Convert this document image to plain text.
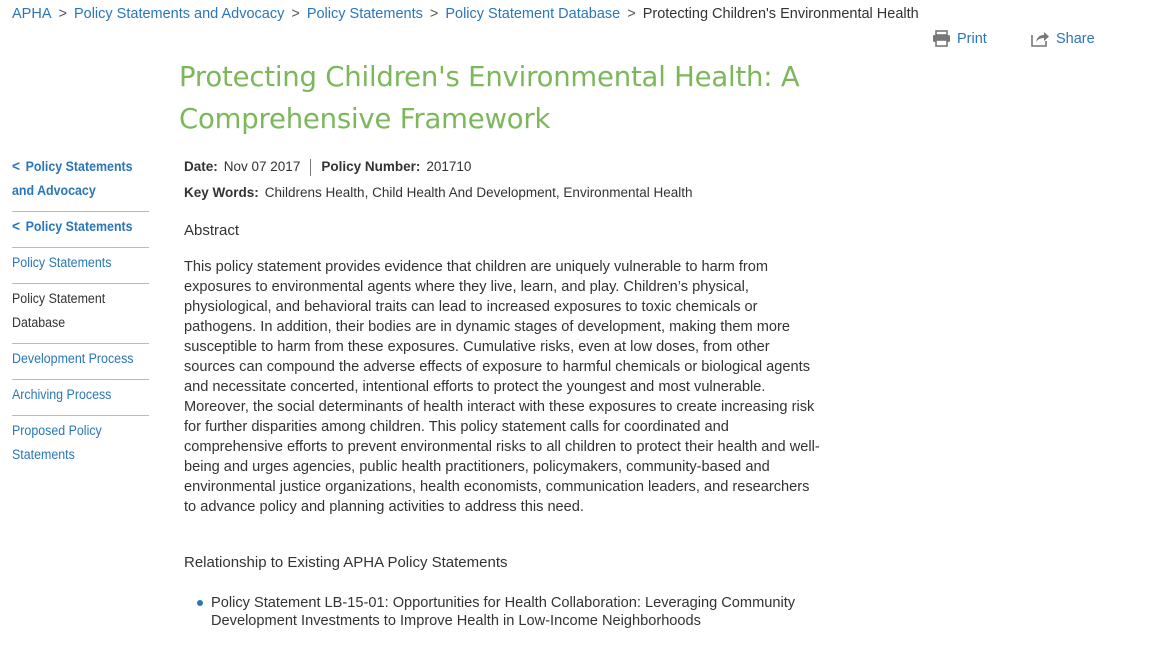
APHA > Policy Statements and Advocacy > Policy Statements > Policy Statement Database > Protecting Children's Environmental Health
Print	Share
Protecting Children's Environmental Health: A Comprehensive Framework
< Policy Statements and Advocacy
< Policy Statements
Policy Statements
Policy Statement Database
Development Process
Archiving Process
Proposed Policy Statements
Date: Nov 07 2017 Policy Number: 201710
Key Words: Childrens Health, Child Health And Development, Environmental Health
Abstract

This policy statement provides evidence that children are uniquely vulnerable to harm from exposures to environmental agents where they live, learn, and play. Children’s physical, physiological, and behavioral traits can lead to increased exposures to toxic chemicals or pathogens. In addition, their bodies are in dynamic stages of development, making them more susceptible to harm from these exposures. Cumulative risks, even at low doses, from other sources can compound the adverse effects of exposure to harmful chemicals or biological agents and necessitate concerted, intentional efforts to protect the youngest and most vulnerable. Moreover, the social determinants of health interact with these exposures to create increasing risk for further disparities among children. This policy statement calls for coordinated and comprehensive efforts to prevent environmental risks to all children to protect their health and well-being and urges agencies, public health practitioners, policymakers, community-based and environmental justice organizations, health economists, communication leaders, and researchers to advance policy and planning activities to address this need.

Relationship to Existing APHA Policy Statements
Policy Statement LB-15-01: Opportunities for Health Collaboration: Leveraging Community Development Investments to Improve Health in Low-Income Neighborhoods
